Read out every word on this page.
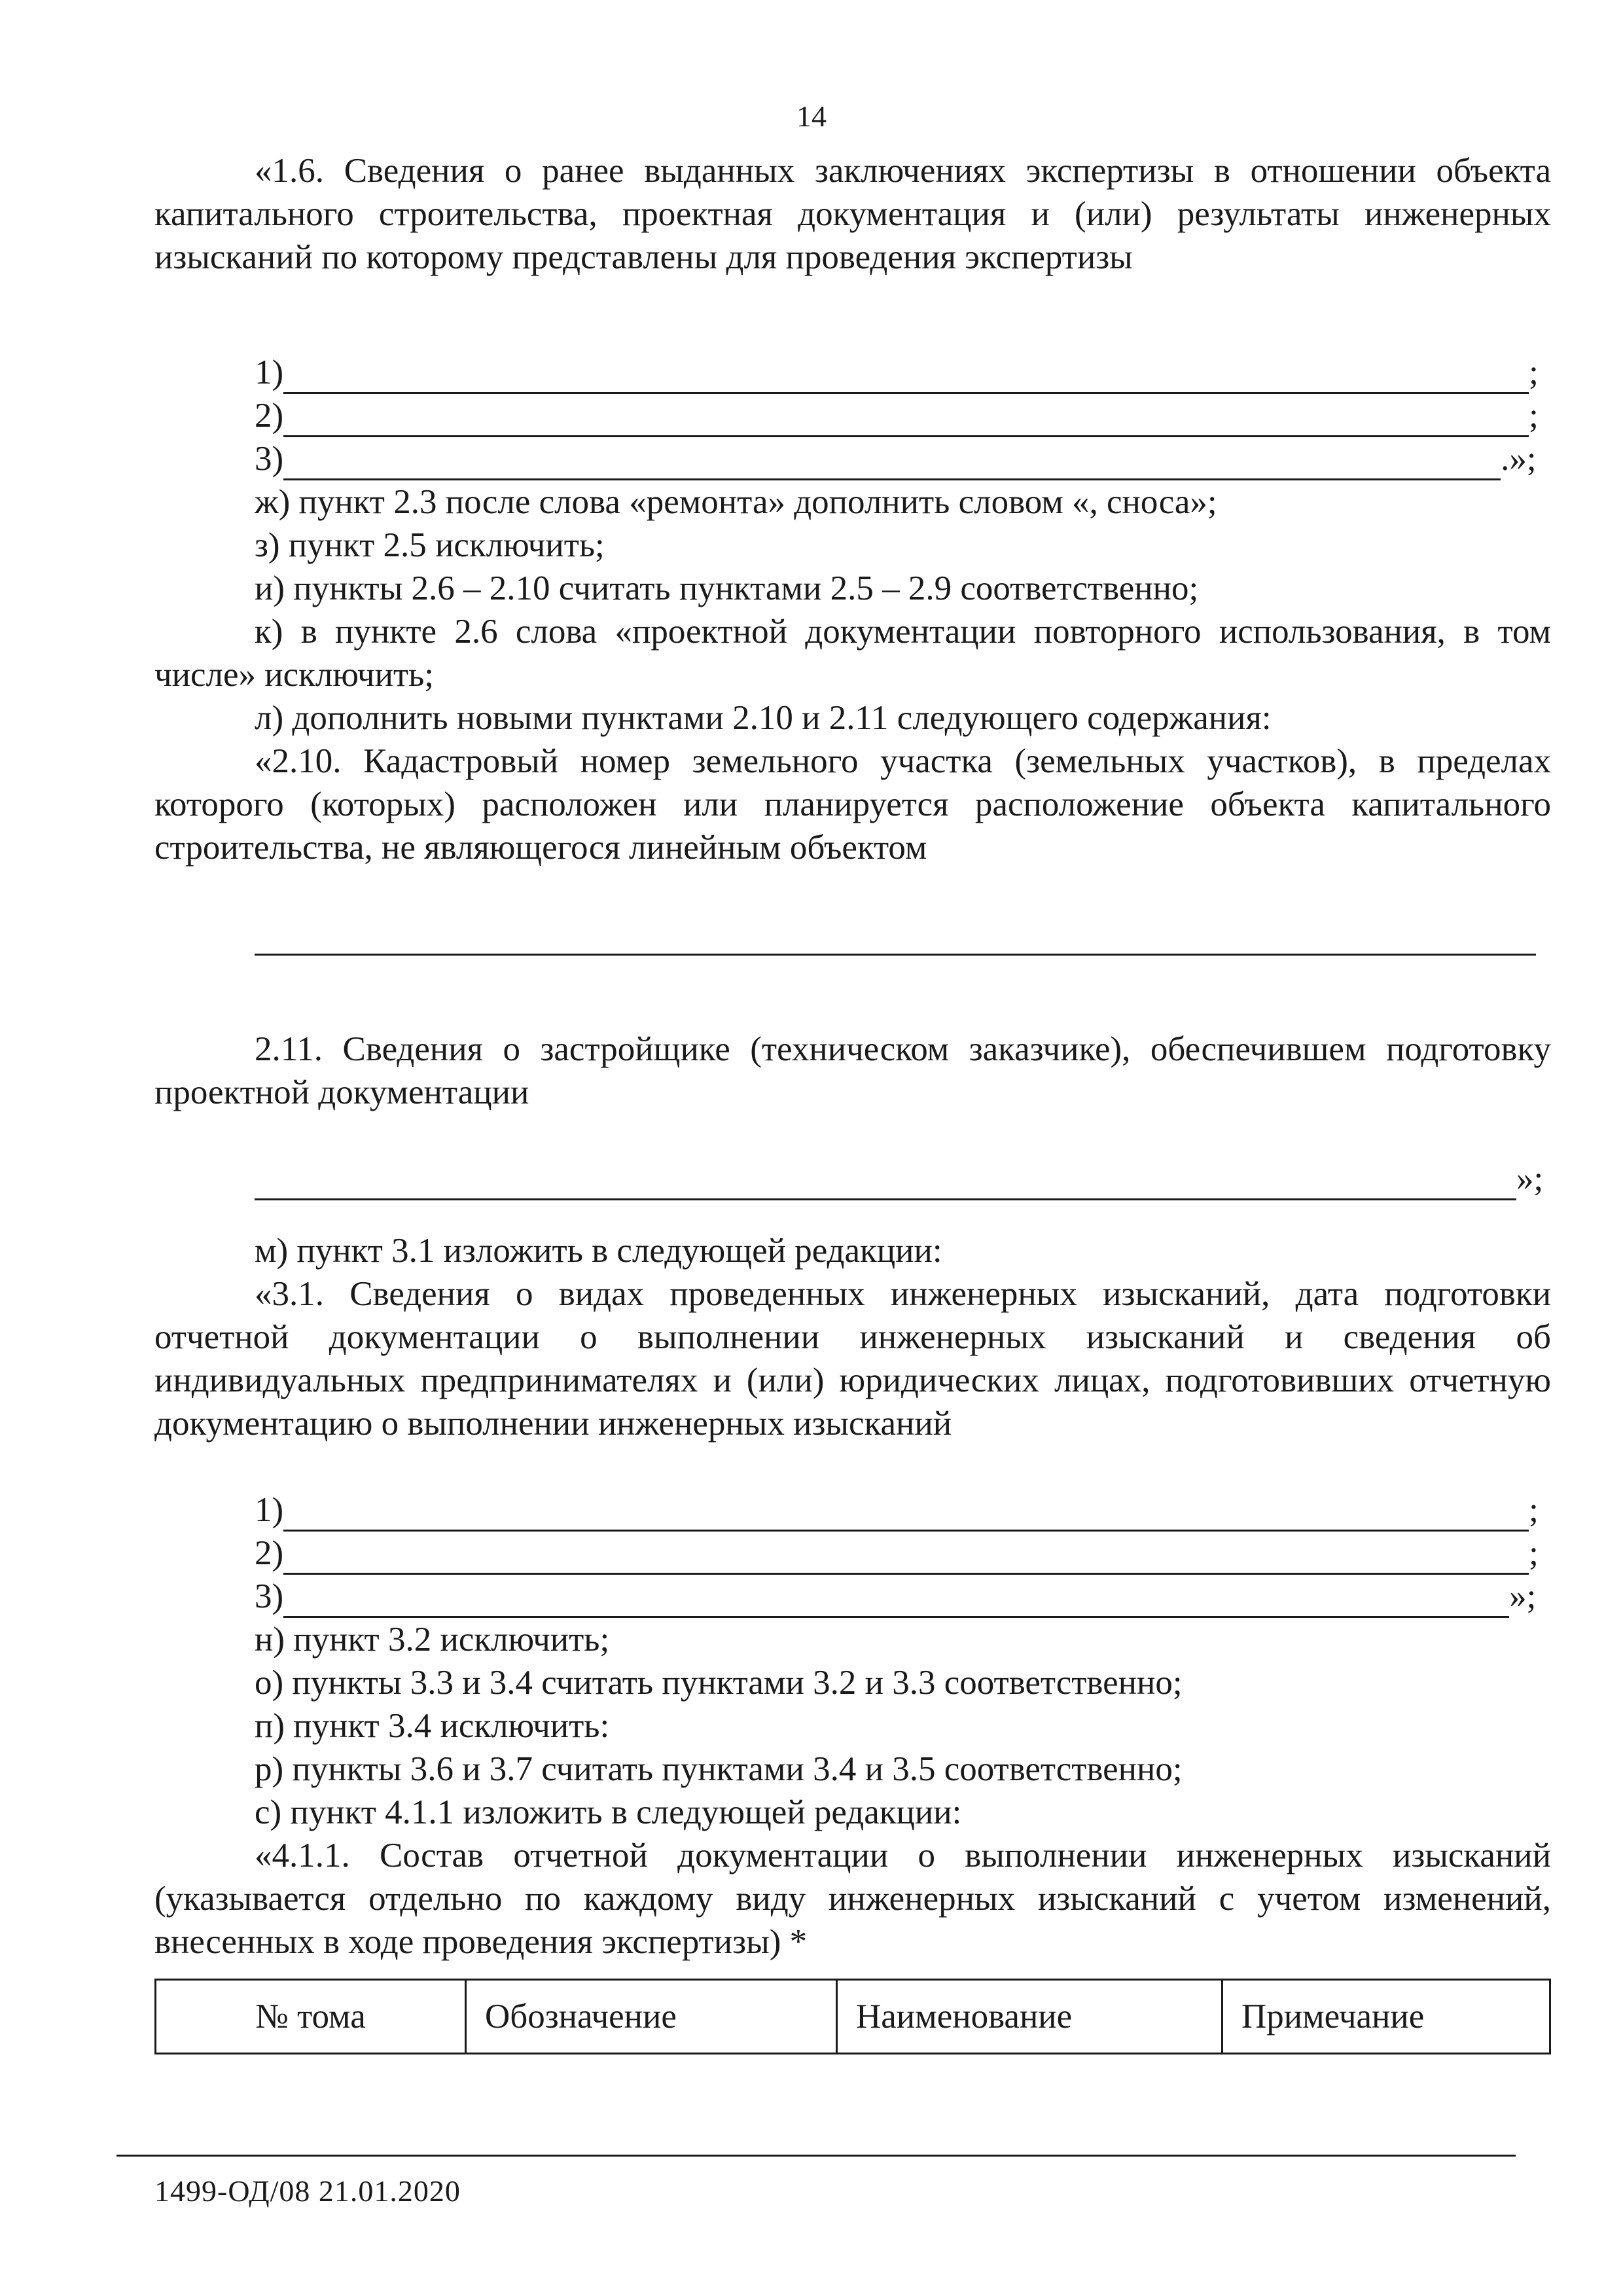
14

«1.6. Сведения о ранее выданных заключениях экспертизы в отношении объекта капитального строительства, проектная документация и (или) результаты инженерных изысканий по которому представлены для проведения экспертизы

1)	;
2)	;
3)	.»;

ж) пункт 2.3 после слова «ремонта» дополнить словом «, сноса»;

з) пункт 2.5 исключить;

и) пункты 2.6 – 2.10 считать пунктами 2.5 – 2.9 соответственно;

к) в пункте 2.6 слова «проектной документации повторного использования, в том числе» исключить;

л) дополнить новыми пунктами 2.10 и 2.11 следующего содержания:

«2.10. Кадастровый номер земельного участка (земельных участков), в пределах которого (которых) расположен или планируется расположение объекта капитального строительства, не являющегося линейным объектом

2.11. Сведения о застройщике (техническом заказчике), обеспечившем подготовку проектной документации

»;

м) пункт 3.1 изложить в следующей редакции:

«3.1. Сведения о видах проведенных инженерных изысканий, дата подготовки отчетной документации о выполнении инженерных изысканий и сведения об индивидуальных предпринимателях и (или) юридических лицах, подготовивших отчетную документацию о выполнении инженерных изысканий

1)	;
2)	;
3)	»;

н) пункт 3.2 исключить;

о) пункты 3.3 и 3.4 считать пунктами 3.2 и 3.3 соответственно;

п) пункт 3.4 исключить:

р) пункты 3.6 и 3.7 считать пунктами 3.4 и 3.5 соответственно;

с) пункт 4.1.1 изложить в следующей редакции:

«4.1.1. Состав отчетной документации о выполнении инженерных изысканий (указывается отдельно по каждому виду инженерных изысканий с учетом изменений, внесенных в ходе проведения экспертизы) *

№ тома	Обозначение	Наименование	Примечание
1499-ОД/08 21.01.2020
